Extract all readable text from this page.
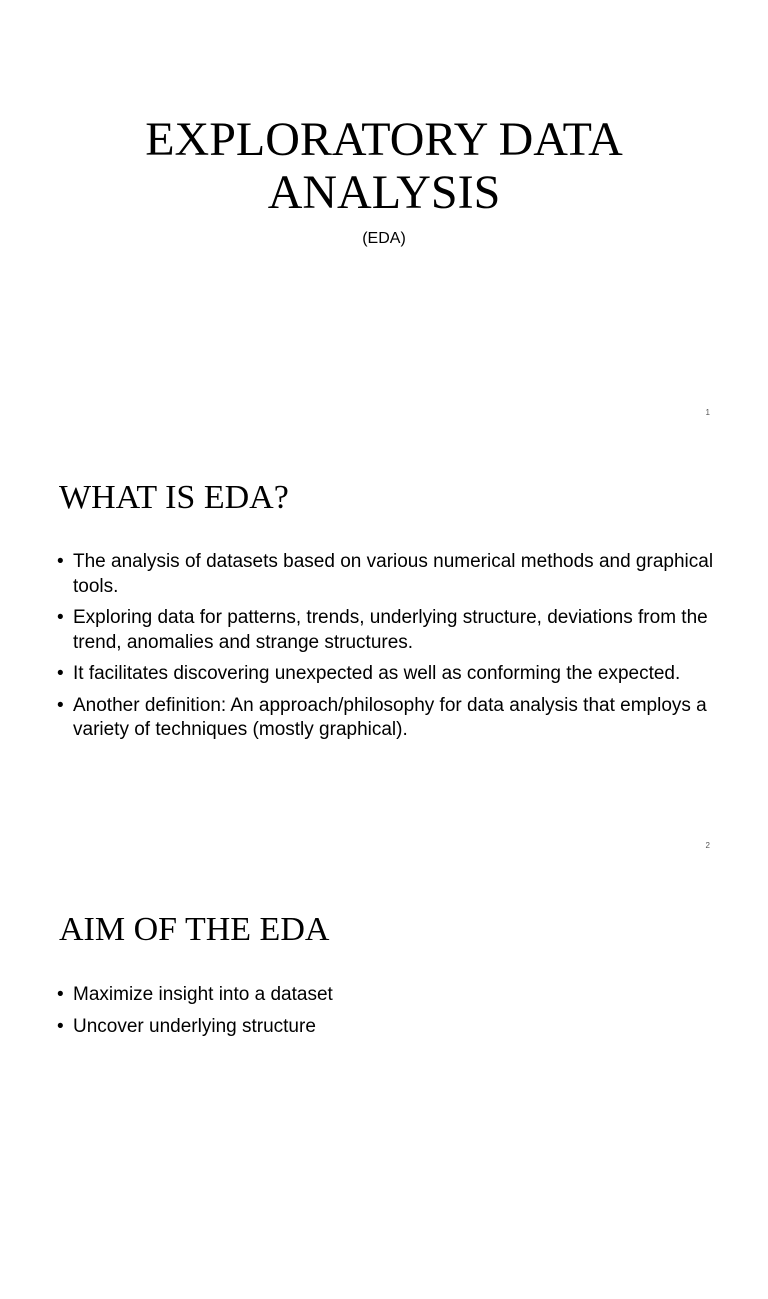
EXPLORATORY DATA
ANALYSIS
(EDA)
1
WHAT IS EDA?
• The analysis of datasets based on various numerical methods and graphical tools.
• Exploring data for patterns, trends, underlying structure, deviations from the trend, anomalies and strange structures.
• It facilitates discovering unexpected as well as conforming the expected.
• Another definition: An approach/philosophy for data analysis that employs a variety of techniques (mostly graphical).
2
AIM OF THE EDA
• Maximize insight into a dataset
• Uncover underlying structure
